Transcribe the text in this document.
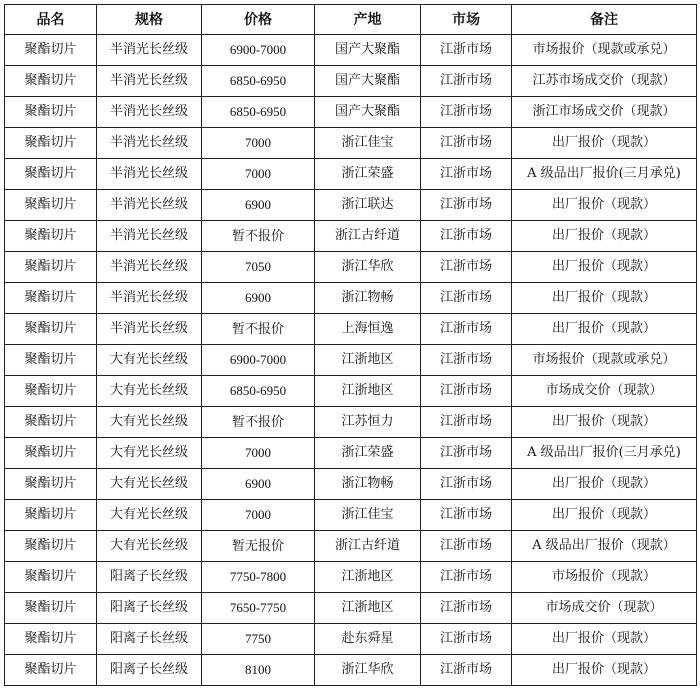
品名	规格	价格	产地	市场	备注
聚酯切片	半消光长丝级	6900-7000	国产大聚酯	江浙市场	市场报价（现款或承兑）
聚酯切片	半消光长丝级	6850-6950	国产大聚酯	江浙市场	江苏市场成交价（现款）
聚酯切片	半消光长丝级	6850-6950	国产大聚酯	江浙市场	浙江市场成交价（现款）
聚酯切片	半消光长丝级	7000	浙江佳宝	江浙市场	出厂报价（现款）
聚酯切片	半消光长丝级	7000	浙江荣盛	江浙市场	A 级品出厂报价(三月承兑)
聚酯切片	半消光长丝级	6900	浙江联达	江浙市场	出厂报价（现款）
聚酯切片	半消光长丝级	暂不报价	浙江古纤道	江浙市场	出厂报价（现款）
聚酯切片	半消光长丝级	7050	浙江华欣	江浙市场	出厂报价（现款）
聚酯切片	半消光长丝级	6900	浙江物畅	江浙市场	出厂报价（现款）
聚酯切片	半消光长丝级	暂不报价	上海恒逸	江浙市场	出厂报价（现款）
聚酯切片	大有光长丝级	6900-7000	江浙地区	江浙市场	市场报价（现款或承兑）
聚酯切片	大有光长丝级	6850-6950	江浙地区	江浙市场	市场成交价（现款）
聚酯切片	大有光长丝级	暂不报价	江苏恒力	江浙市场	出厂报价（现款）
聚酯切片	大有光长丝级	7000	浙江荣盛	江浙市场	A 级品出厂报价(三月承兑)
聚酯切片	大有光长丝级	6900	浙江物畅	江浙市场	出厂报价（现款）
聚酯切片	大有光长丝级	7000	浙江佳宝	江浙市场	出厂报价（现款）
聚酯切片	大有光长丝级	暂无报价	浙江古纤道	江浙市场	A 级品出厂报价（现款）
聚酯切片	阳离子长丝级	7750-7800	江浙地区	江浙市场	市场报价（现款）
聚酯切片	阳离子长丝级	7650-7750	江浙地区	江浙市场	市场成交价（现款）
聚酯切片	阳离子长丝级	7750	赴东舜星	江浙市场	出厂报价（现款）
聚酯切片	阳离子长丝级	8100	浙江华欣	江浙市场	出厂报价（现款）
